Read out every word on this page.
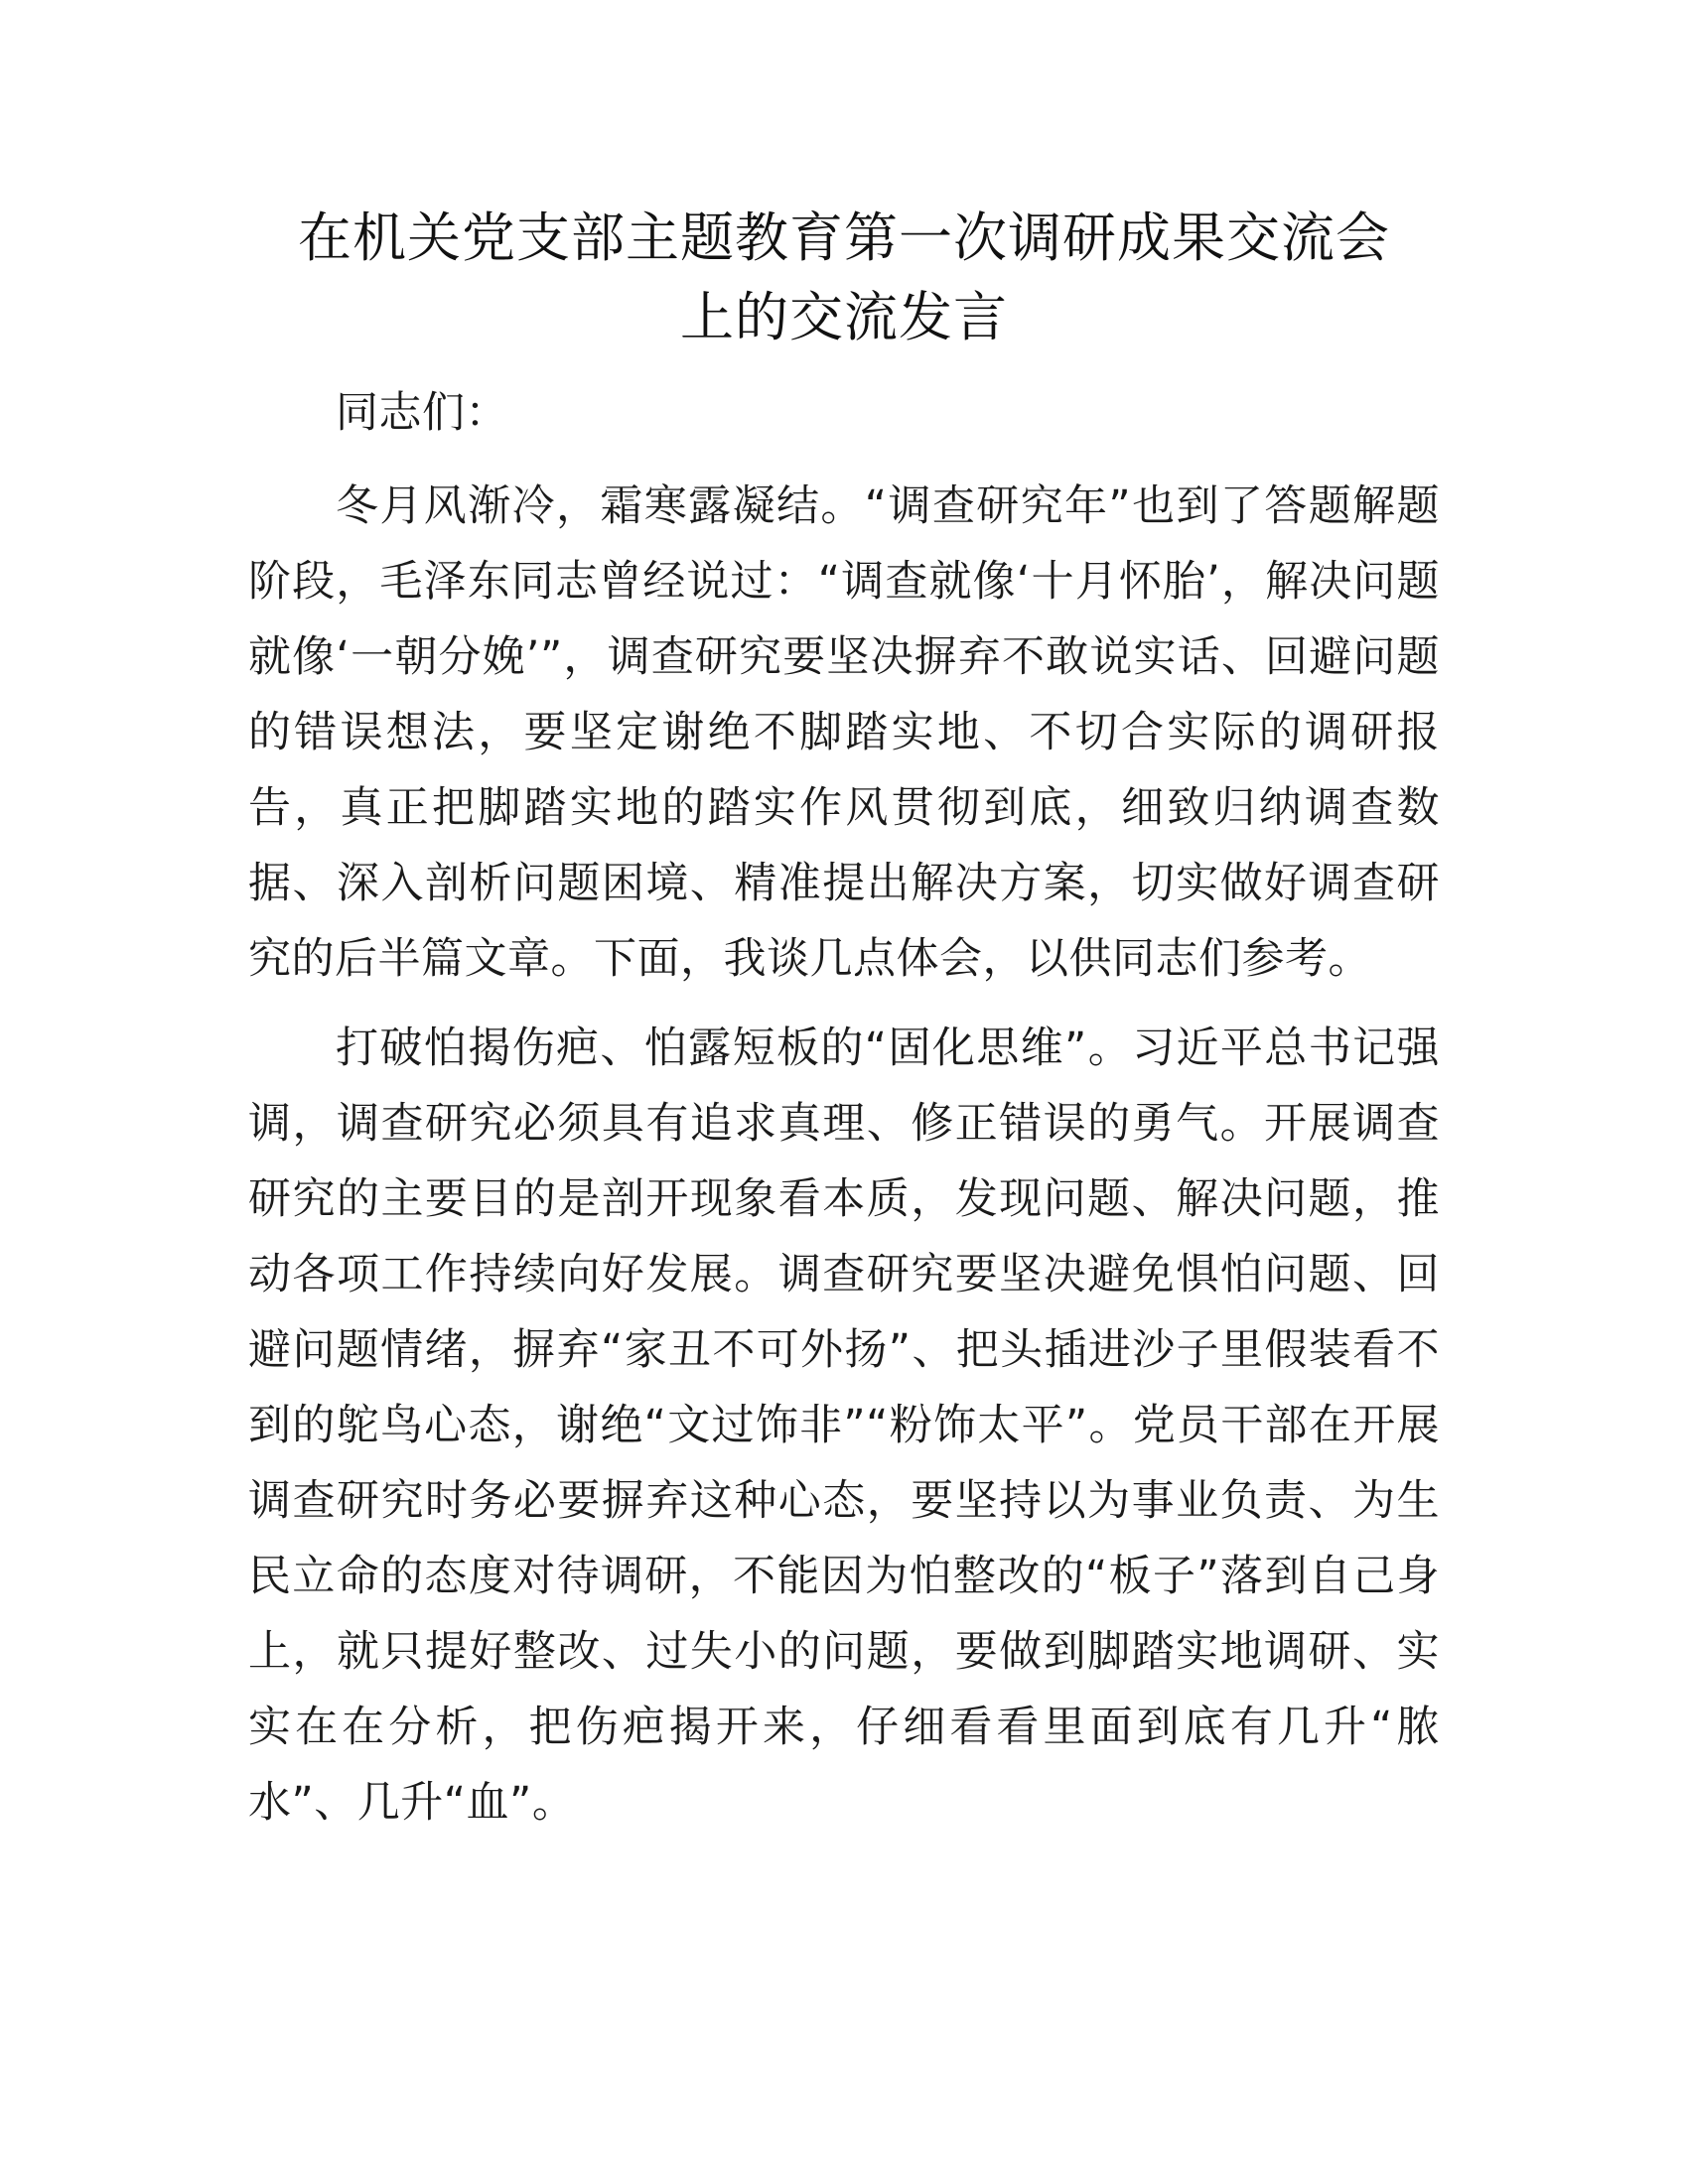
在机关党支部主题教育第一次调研成果交流会
上的交流发言

同志们：

冬月风渐冷，霜寒露凝结。“调查研究年”也到了答题解题阶段，毛泽东同志曾经说过：“调查就像‘十月怀胎’，解决问题就像‘一朝分娩’”，调查研究要坚决摒弃不敢说实话、回避问题的错误想法，要坚定谢绝不脚踏实地、不切合实际的调研报告，真正把脚踏实地的踏实作风贯彻到底，细致归纳调查数据、深入剖析问题困境、精准提出解决方案，切实做好调查研究的后半篇文章。下面，我谈几点体会，以供同志们参考。

打破怕揭伤疤、怕露短板的“固化思维”。习近平总书记强调，调查研究必须具有追求真理、修正错误的勇气。开展调查研究的主要目的是剖开现象看本质，发现问题、解决问题，推动各项工作持续向好发展。调查研究要坚决避免惧怕问题、回避问题情绪，摒弃“家丑不可外扬”、把头插进沙子里假装看不到的鸵鸟心态，谢绝“文过饰非”“粉饰太平”。党员干部在开展调查研究时务必要摒弃这种心态，要坚持以为事业负责、为生民立命的态度对待调研，不能因为怕整改的“板子”落到自己身上，就只提好整改、过失小的问题，要做到脚踏实地调研、实实在在分析，把伤疤揭开来，仔细看看里面到底有几升“脓水”、几升“血”。
